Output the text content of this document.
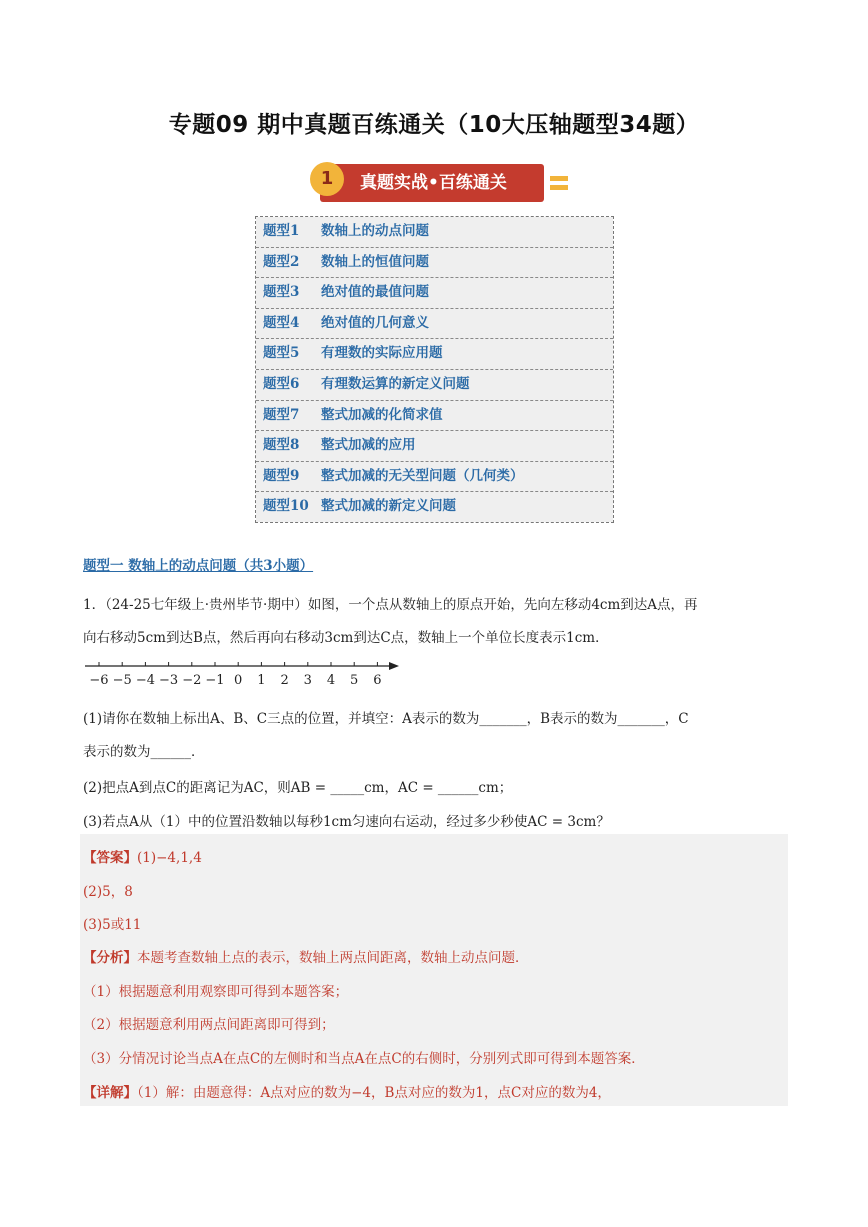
专题09 期中真题百练通关（10大压轴题型34题）
1	真题实战•百练通关
题型1 数轴上的动点问题
题型2 数轴上的恒值问题
题型3 绝对值的最值问题
题型4 绝对值的几何意义
题型5 有理数的实际应用题
题型6 有理数运算的新定义问题
题型7 整式加减的化简求值
题型8 整式加减的应用
题型9 整式加减的无关型问题（几何类）
题型10 整式加减的新定义问题
题型一 数轴上的动点问题（共3小题）
1．（24-25七年级上·贵州毕节·期中）如图，一个点从数轴上的原点开始，先向左移动4cm到达A点，再
向右移动5cm到达B点，然后再向右移动3cm到达C点，数轴上一个单位长度表示1cm．
−6 −5 −4 −3 −2 −1 0 1 2 3 4 5 6
(1)请你在数轴上标出A、B、C三点的位置，并填空：A表示的数为_______，B表示的数为_______，C
表示的数为______．
(2)把点A到点C的距离记为AC，则AB = _____cm，AC = ______cm；
(3)若点A从（1）中的位置沿数轴以每秒1cm匀速向右运动，经过多少秒使AC = 3cm？
【答案】(1)−4,1,4
(2)5，8
(3)5或11
【分析】本题考查数轴上点的表示，数轴上两点间距离，数轴上动点问题．
（1）根据题意利用观察即可得到本题答案；
（2）根据题意利用两点间距离即可得到；
（3）分情况讨论当点A在点C的左侧时和当点A在点C的右侧时，分别列式即可得到本题答案．
【详解】（1）解：由题意得：A点对应的数为−4，B点对应的数为1，点C对应的数为4，
